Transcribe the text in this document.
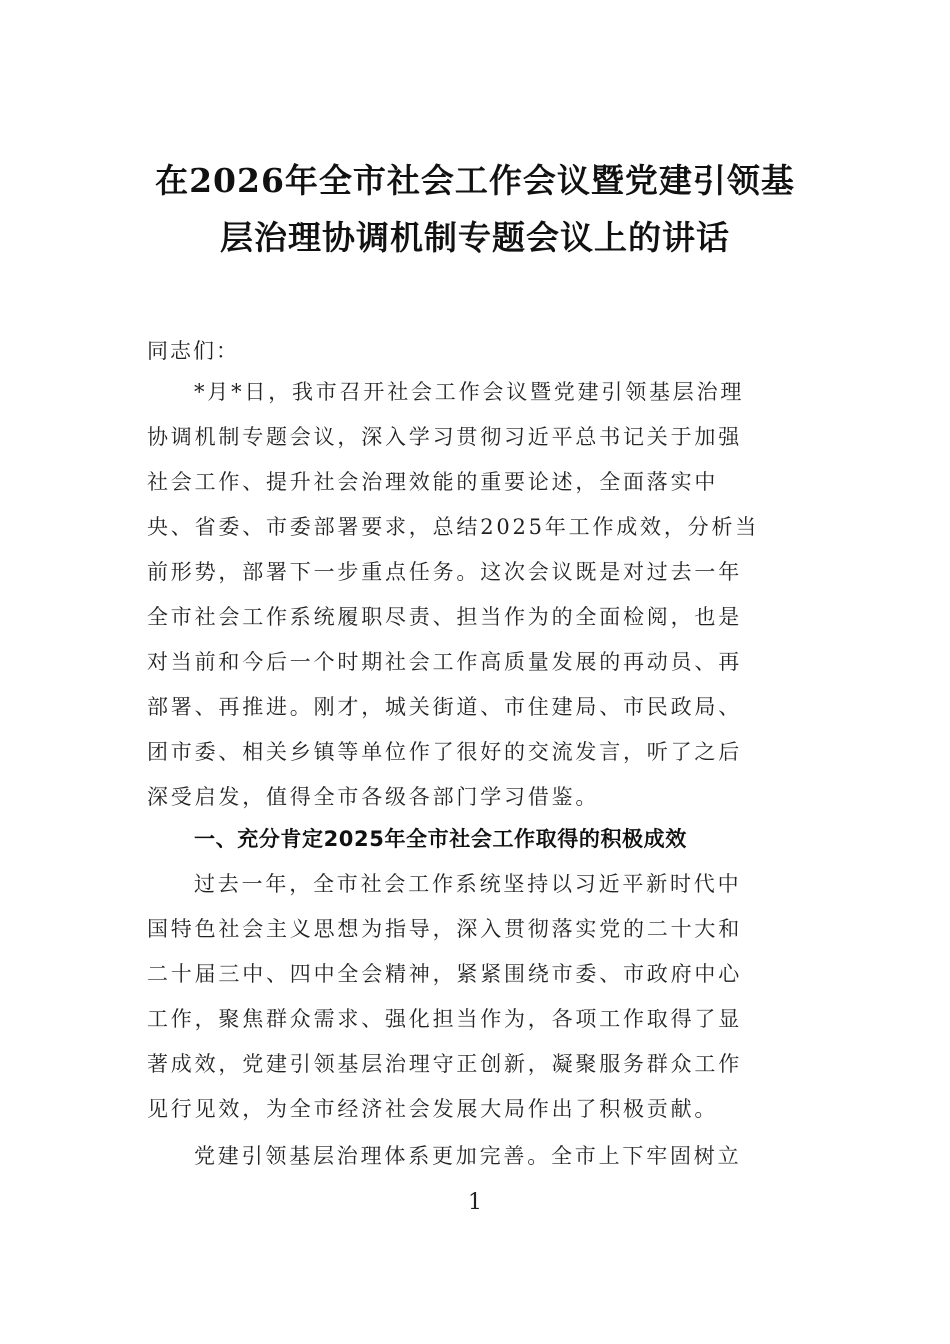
在2026年全市社会工作会议暨党建引领基
层治理协调机制专题会议上的讲话

同志们：

*月*日，我市召开社会工作会议暨党建引领基层治理
协调机制专题会议，深入学习贯彻习近平总书记关于加强
社会工作、提升社会治理效能的重要论述，全面落实中
央、省委、市委部署要求，总结2025年工作成效，分析当
前形势，部署下一步重点任务。这次会议既是对过去一年
全市社会工作系统履职尽责、担当作为的全面检阅，也是
对当前和今后一个时期社会工作高质量发展的再动员、再
部署、再推进。刚才，城关街道、市住建局、市民政局、
团市委、相关乡镇等单位作了很好的交流发言，听了之后
深受启发，值得全市各级各部门学习借鉴。

一、充分肯定2025年全市社会工作取得的积极成效

过去一年，全市社会工作系统坚持以习近平新时代中
国特色社会主义思想为指导，深入贯彻落实党的二十大和
二十届三中、四中全会精神，紧紧围绕市委、市政府中心
工作，聚焦群众需求、强化担当作为，各项工作取得了显
著成效，党建引领基层治理守正创新，凝聚服务群众工作
见行见效，为全市经济社会发展大局作出了积极贡献。

党建引领基层治理体系更加完善。全市上下牢固树立

1
